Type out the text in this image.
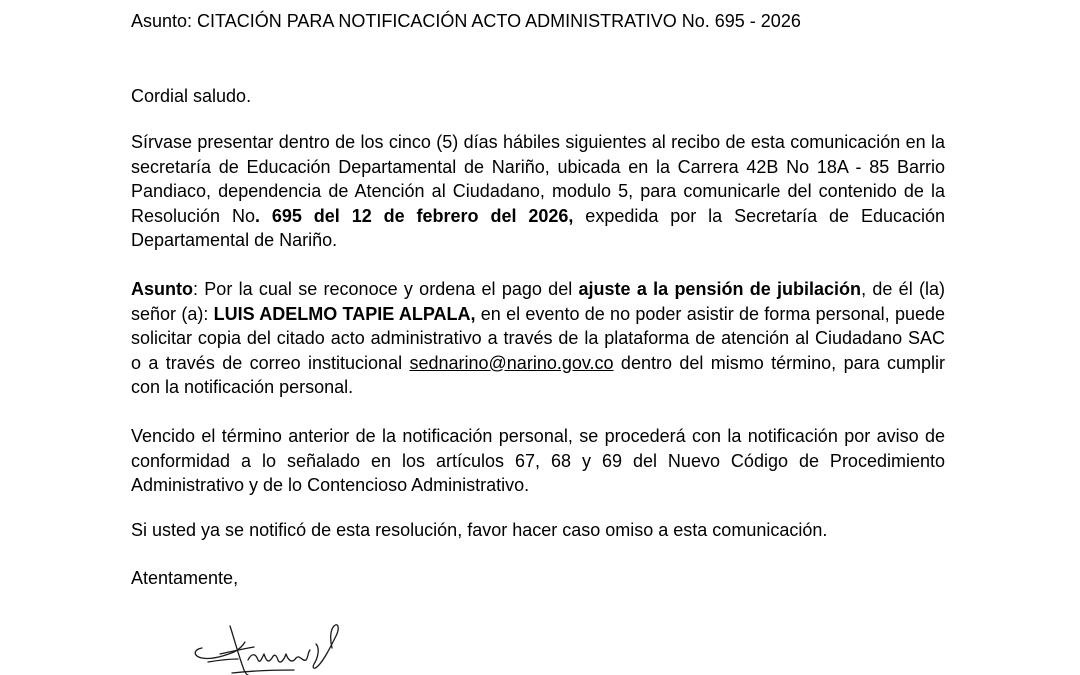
Asunto: CITACIÓN PARA NOTIFICACIÓN ACTO ADMINISTRATIVO No. 695 - 2026
Cordial saludo.
Sírvase presentar dentro de los cinco (5) días hábiles siguientes al recibo de esta comunicación en la secretaría de Educación Departamental de Nariño, ubicada en la Carrera 42B No 18A - 85 Barrio Pandiaco, dependencia de Atención al Ciudadano, modulo 5, para comunicarle del contenido de la Resolución No. 695 del 12 de febrero del 2026, expedida por la Secretaría de Educación Departamental de Nariño.
Asunto: Por la cual se reconoce y ordena el pago del ajuste a la pensión de jubilación, de él (la) señor (a): LUIS ADELMO TAPIE ALPALA, en el evento de no poder asistir de forma personal, puede solicitar copia del citado acto administrativo a través de la plataforma de atención al Ciudadano SAC o a través de correo institucional sednarino@narino.gov.co dentro del mismo término, para cumplir con la notificación personal.
Vencido el término anterior de la notificación personal, se procederá con la notificación por aviso de conformidad a lo señalado en los artículos 67, 68 y 69 del Nuevo Código de Procedimiento Administrativo y de lo Contencioso Administrativo.
Si usted ya se notificó de esta resolución, favor hacer caso omiso a esta comunicación.
Atentamente,
